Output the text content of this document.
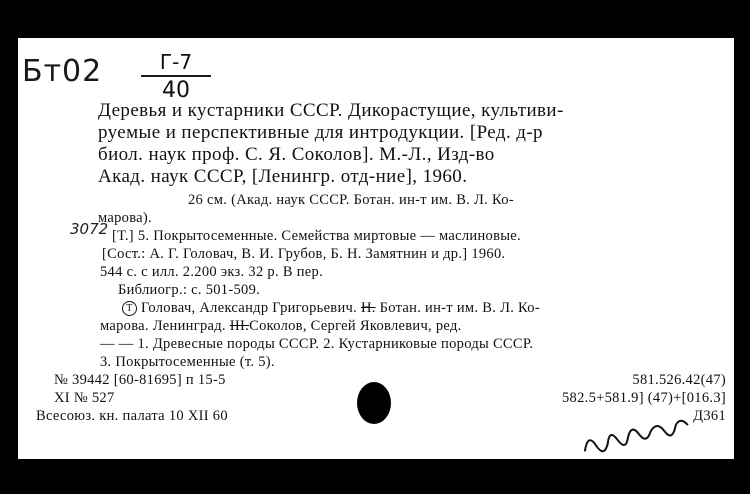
Бт02	Г-7
40
Деревья и кустарники СССР. Дикорастущие, культиви-
руемые и перспективные для интродукции. [Ред. д-р
биол. наук проф. С. Я. Соколов]. М.-Л., Изд-во
Акад. наук СССР, [Ленингр. отд-ние], 1960.
26 см. (Акад. наук СССР. Ботан. ин-т им. В. Л. Ко-
марова).
3072 [Т.] 5. Покрытосеменные. Семейства миртовые — маслиновые.
[Сост.: А. Г. Головач, В. И. Грубов, Б. Н. Замятнин и др.] 1960.
544 с. с илл. 2.200 экз. 32 р. В пер.
Библиогр.: с. 501-509.
Т Головач, Александр Григорьевич. Н. Ботан. ин-т им. В. Л. Ко-
марова. Ленинград. III.Соколов, Сергей Яковлевич, ред.
— — 1. Древесные породы СССР. 2. Кустарниковые породы СССР.
3. Покрытосеменные (т. 5).
№ 39442 [60-81695] п 15-5
XI № 527
Всесоюз. кн. палата 10 XII 60
581.526.42(47)
582.5+581.9] (47)+[016.3]
Д361
